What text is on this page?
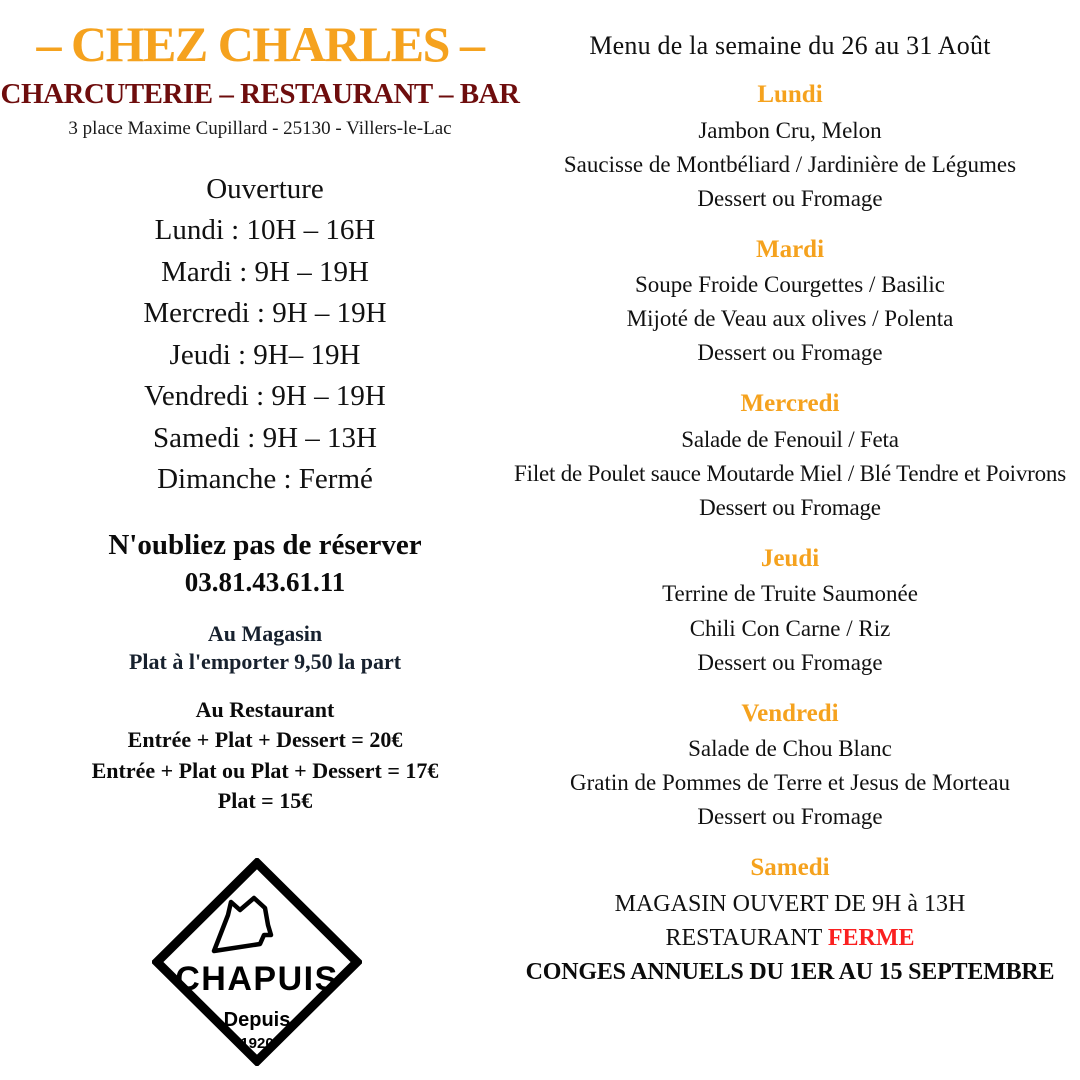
– CHEZ CHARLES –
CHARCUTERIE – RESTAURANT – BAR
3 place Maxime Cupillard - 25130 - Villers-le-Lac
Ouverture
Lundi : 10H – 16H
Mardi : 9H – 19H
Mercredi : 9H – 19H
Jeudi : 9H– 19H
Vendredi : 9H – 19H
Samedi : 9H – 13H
Dimanche : Fermé
N'oubliez pas de réserver
03.81.43.61.11
Au Magasin
Plat à l'emporter 9,50 la part
Au Restaurant
Entrée + Plat + Dessert = 20€
Entrée + Plat ou Plat + Dessert = 17€
Plat = 15€
CHAPUIS
Depuis
1920
Menu de la semaine du 26 au 31 Août
Lundi
Jambon Cru, Melon
Saucisse de Montbéliard / Jardinière de Légumes
Dessert ou Fromage
Mardi
Soupe Froide Courgettes / Basilic
Mijoté de Veau aux olives / Polenta
Dessert ou Fromage
Mercredi
Salade de Fenouil / Feta
Filet de Poulet sauce Moutarde Miel / Blé Tendre et Poivrons
Dessert ou Fromage
Jeudi
Terrine de Truite Saumonée
Chili Con Carne / Riz
Dessert ou Fromage
Vendredi
Salade de Chou Blanc
Gratin de Pommes de Terre et Jesus de Morteau
Dessert ou Fromage
Samedi
MAGASIN OUVERT DE 9H à 13H
RESTAURANT FERME
CONGES ANNUELS DU 1ER AU 15 SEPTEMBRE
